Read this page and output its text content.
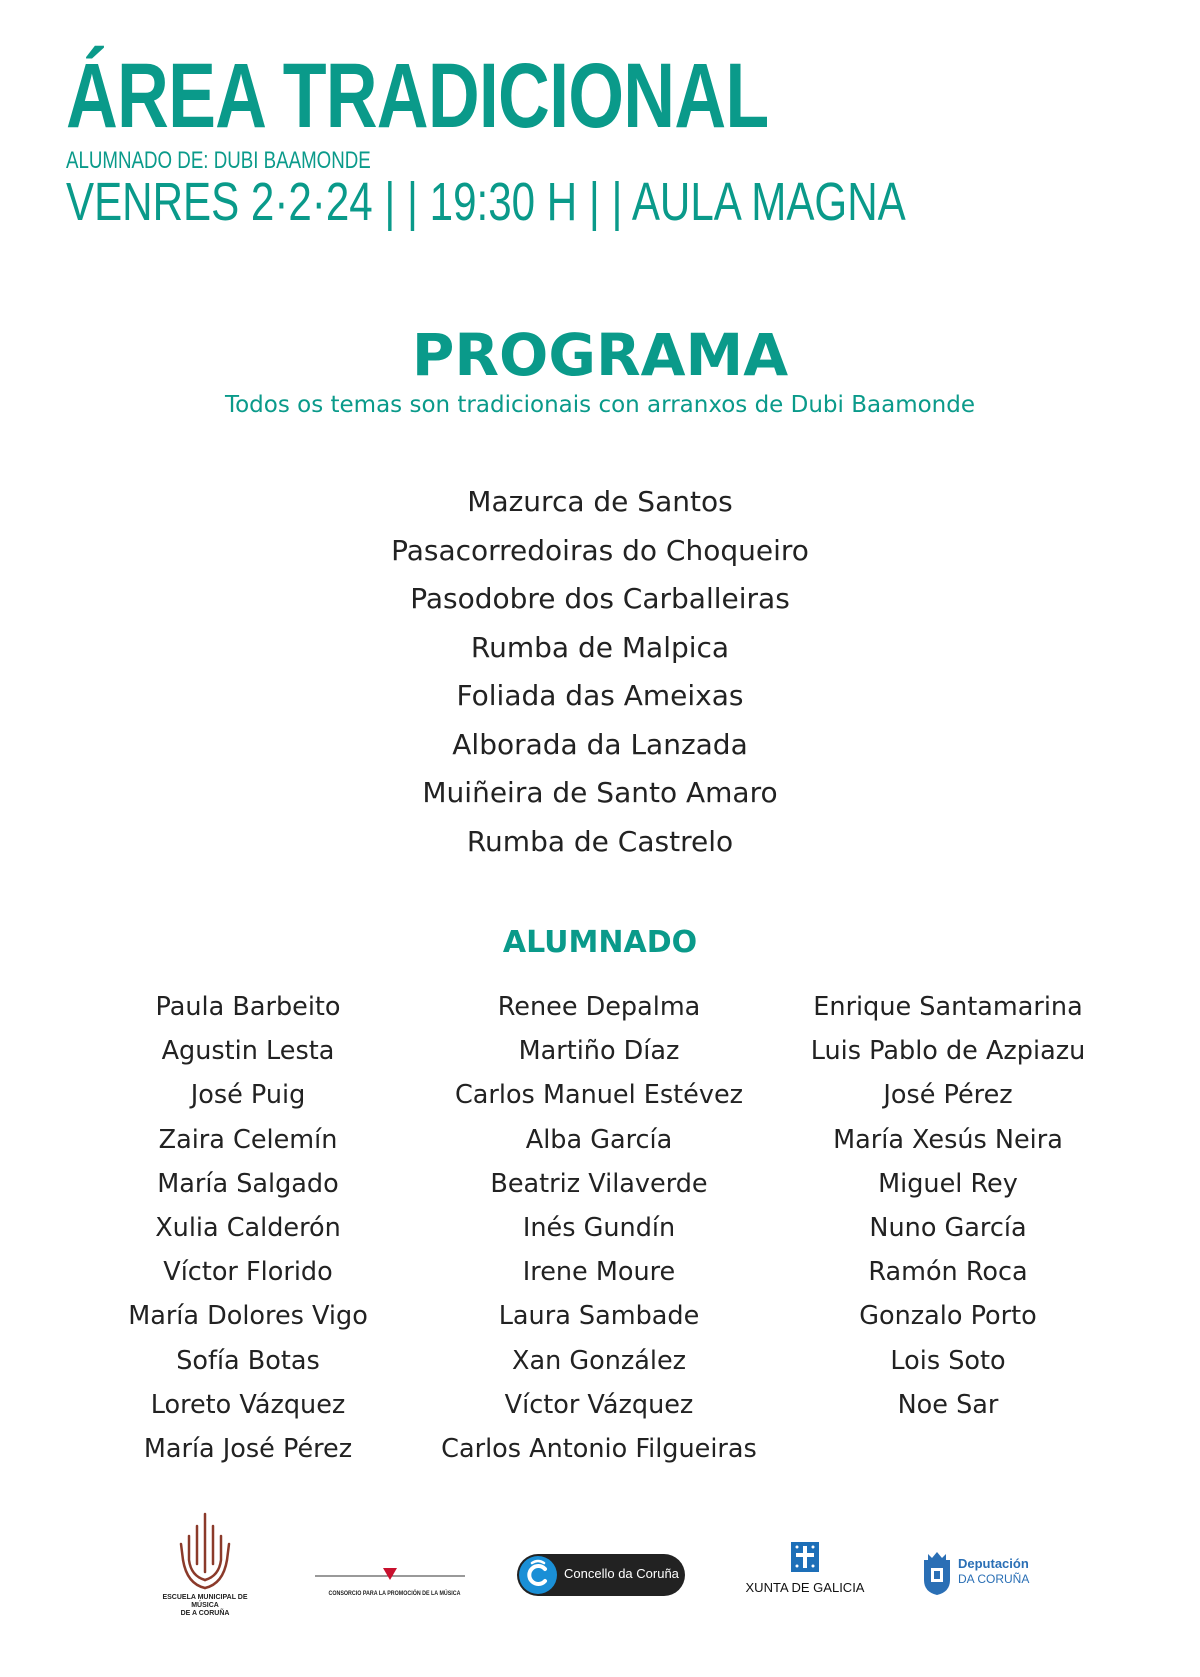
ÁREA TRADICIONAL
ALUMNADO DE: DUBI BAAMONDE
VENRES 2·2·24 | | 19:30 H | | AULA MAGNA
PROGRAMA
Todos os temas son tradicionais con arranxos de Dubi Baamonde
Mazurca de Santos
Pasacorredoiras do Choqueiro
Pasodobre dos Carballeiras
Rumba de Malpica
Foliada das Ameixas
Alborada da Lanzada
Muiñeira de Santo Amaro
Rumba de Castrelo
ALUMNADO
Paula Barbeito
Agustin Lesta
José Puig
Zaira Celemín
María Salgado
Xulia Calderón
Víctor Florido
María Dolores Vigo
Sofía Botas
Loreto Vázquez
María José Pérez
Renee Depalma
Martiño Díaz
Carlos Manuel Estévez
Alba García
Beatriz Vilaverde
Inés Gundín
Irene Moure
Laura Sambade
Xan González
Víctor Vázquez
Carlos Antonio Filgueiras
Enrique Santamarina
Luis Pablo de Azpiazu
José Pérez
María Xesús Neira
Miguel Rey
Nuno García
Ramón Roca
Gonzalo Porto
Lois Soto
Noe Sar
ESCUELA MUNICIPAL DE MÚSICA
DE A CORUÑA
CONSORCIO PARA LA PROMOCIÓN DE LA MÚSICA
Concello da Coruña
XUNTA DE GALICIA
Deputación
DA CORUÑA
